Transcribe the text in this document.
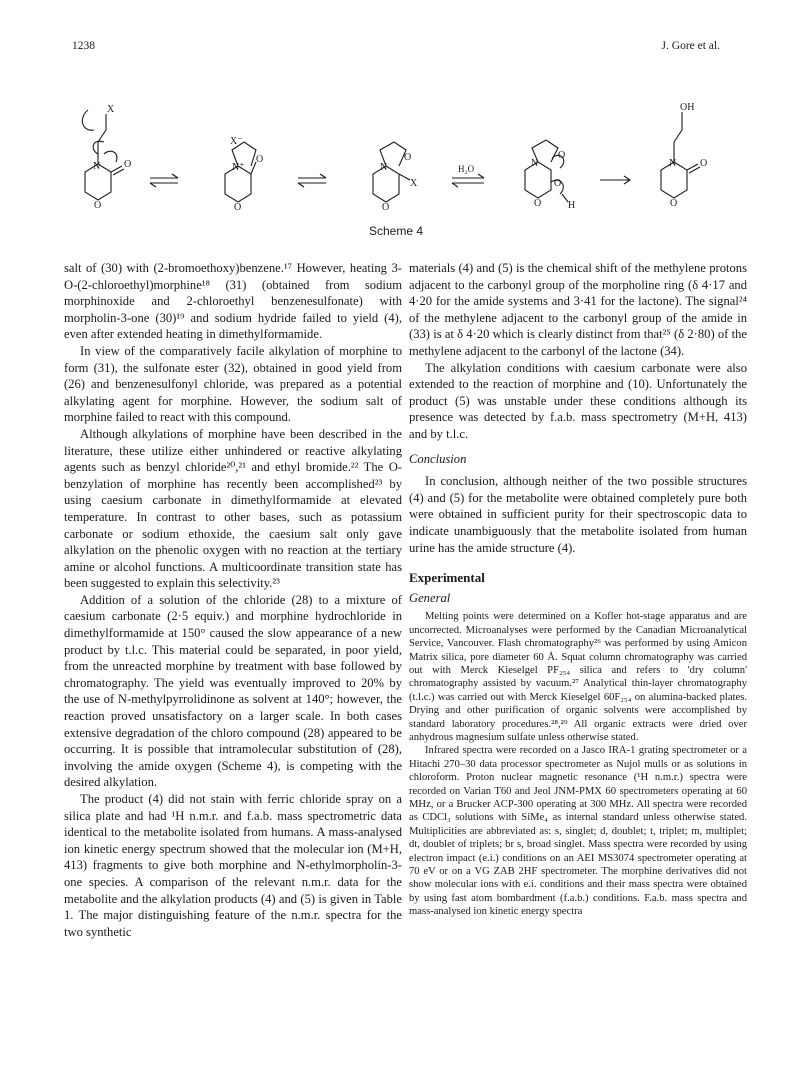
1238	J. Gore et al.
X
N O
O
X⁻
N⁺
O
O
N
O
X
O
H₂O	N
O
O
H
O
OH
N O
O
Scheme 4

salt of (30) with (2-bromoethoxy)benzene.¹⁷ However, heating 3-O-(2-chloroethyl)morphine¹⁸ (31) (obtained from sodium morphinoxide and 2-chloroethyl benzenesulfonate) with morpholin-3-one (30)¹⁹ and sodium hydride failed to yield (4), even after extended heating in dimethylformamide.

In view of the comparatively facile alkylation of morphine to form (31), the sulfonate ester (32), obtained in good yield from (26) and benzenesulfonyl chloride, was prepared as a potential alkylating agent for morphine. However, the sodium salt of morphine failed to react with this compound.

Although alkylations of morphine have been described in the literature, these utilize either unhindered or reactive alkylating agents such as benzyl chloride²⁰,²¹ and ethyl bromide.²² The O-benzylation of morphine has recently been accomplished²³ by using caesium carbonate in dimethylformamide at elevated temperature. In contrast to other bases, such as potassium carbonate or sodium ethoxide, the caesium salt only gave alkylation on the phenolic oxygen with no reaction at the tertiary amine or alcohol functions. A multicoordinate transition state has been suggested to explain this selectivity.²³

Addition of a solution of the chloride (28) to a mixture of caesium carbonate (2·5 equiv.) and morphine hydrochloride in dimethylformamide at 150° caused the slow appearance of a new product by t.l.c. This material could be separated, in poor yield, from the unreacted morphine by treatment with base followed by chromatography. The yield was eventually improved to 20% by the use of N-methylpyrrolidinone as solvent at 140°; however, the reaction proved unsatisfactory on a larger scale. In both cases extensive degradation of the chloro compound (28) appeared to be occurring. It is possible that intramolecular substitution of (28), involving the amide oxygen (Scheme 4), is competing with the desired alkylation.

The product (4) did not stain with ferric chloride spray on a silica plate and had ¹H n.m.r. and f.a.b. mass spectrometric data identical to the metabolite isolated from humans. A mass-analysed ion kinetic energy spectrum showed that the molecular ion (M+H, 413) fragments to give both morphine and N-ethylmorpholin-3-one species. A comparison of the relevant n.m.r. data for the metabolite and the alkylation products (4) and (5) is given in Table 1. The major distinguishing feature of the n.m.r. spectra for the two synthetic

materials (4) and (5) is the chemical shift of the methylene protons adjacent to the carbonyl group of the morpholine ring (δ 4·17 and 4·20 for the amide systems and 3·41 for the lactone). The signal²⁴ of the methylene adjacent to the carbonyl group of the amide in (33) is at δ 4·20 which is clearly distinct from that²⁵ (δ 2·80) of the methylene adjacent to the carbonyl of the lactone (34).

The alkylation conditions with caesium carbonate were also extended to the reaction of morphine and (10). Unfortunately the product (5) was unstable under these conditions although its presence was detected by f.a.b. mass spectrometry (M+H, 413) and by t.l.c.

Conclusion

In conclusion, although neither of the two possible structures (4) and (5) for the metabolite were obtained completely pure both were obtained in sufficient purity for their spectroscopic data to indicate unambiguously that the metabolite isolated from human urine has the amide structure (4).

Experimental

General

Melting points were determined on a Kofler hot-stage apparatus and are uncorrected. Microanalyses were performed by the Canadian Microanalytical Service, Vancouver. Flash chromatography²⁶ was performed by using Amicon Matrix silica, pore diameter 60 Å. Squat column chromatography was carried out with Merck Kieselgel PF₂₅₄ silica and refers to 'dry column' chromatography assisted by vacuum.²⁷ Analytical thin-layer chromatography (t.l.c.) was carried out with Merck Kieselgel 60F₂₅₄ on alumina-backed plates. Drying and other purification of organic solvents were accomplished by standard laboratory procedures.²⁸,²⁹ All organic extracts were dried over anhydrous magnesium sulfate unless otherwise stated.

Infrared spectra were recorded on a Jasco IRA-1 grating spectrometer or a Hitachi 270–30 data processor spectrometer as Nujol mulls or as solutions in chloroform. Proton nuclear magnetic resonance (¹H n.m.r.) spectra were recorded on Varian T60 and Jeol JNM-PMX 60 spectrometers operating at 60 MHz, or a Brucker ACP-300 operating at 300 MHz. All spectra were recorded as CDCl₃ solutions with SiMe₄ as internal standard unless otherwise stated. Multiplicities are abbreviated as: s, singlet; d, doublet; t, triplet; m, multiplet; dt, doublet of triplets; br s, broad singlet. Mass spectra were recorded by using electron impact (e.i.) conditions on an AEI MS3074 spectrometer operating at 70 eV or on a VG ZAB 2HF spectrometer. The morphine derivatives did not show molecular ions with e.i. conditions and their mass spectra were obtained by using fast atom bombardment (f.a.b.) conditions. F.a.b. mass spectra and mass-analysed ion kinetic energy spectra
